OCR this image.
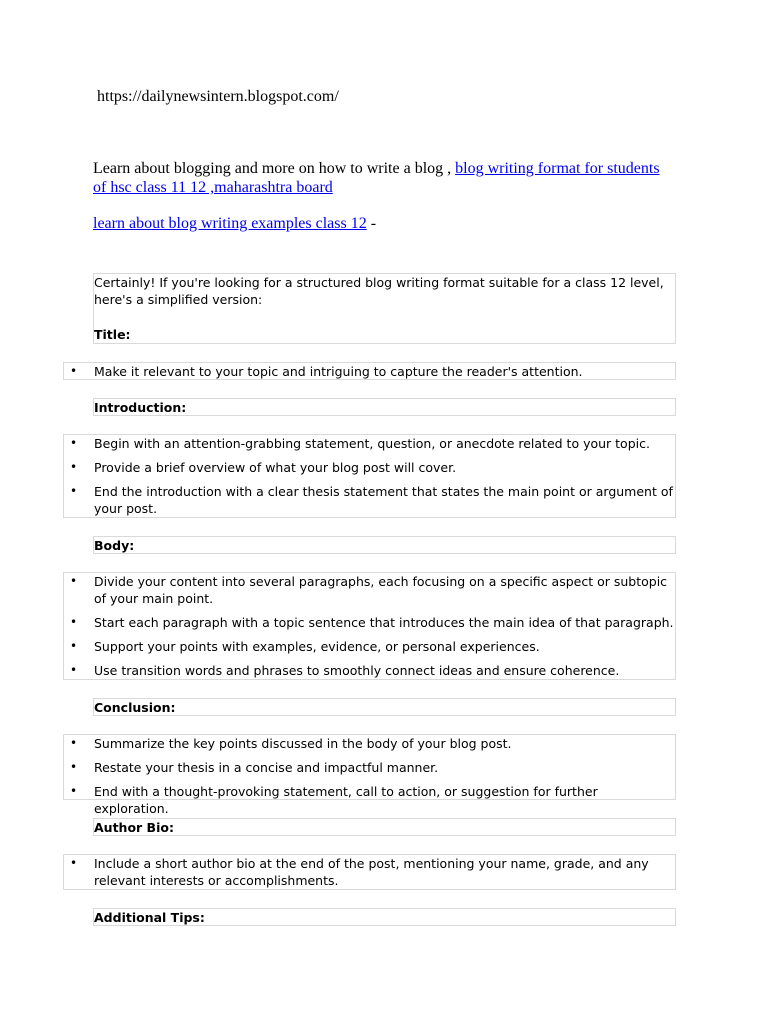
https://dailynewsintern.blogspot.com/
Learn about blogging and more on how to write a blog , blog writing format for students of hsc class 11 12 ,maharashtra board
learn about blog writing examples class 12 -

Certainly! If you're looking for a structured blog writing format suitable for a class 12 level, here's a simplified version:

Title:

• Make it relevant to your topic and intriguing to capture the reader's attention.

Introduction:

• Begin with an attention-grabbing statement, question, or anecdote related to your topic.
• Provide a brief overview of what your blog post will cover.
• End the introduction with a clear thesis statement that states the main point or argument of your post.

Body:

• Divide your content into several paragraphs, each focusing on a specific aspect or subtopic of your main point.
• Start each paragraph with a topic sentence that introduces the main idea of that paragraph.
• Support your points with examples, evidence, or personal experiences.
• Use transition words and phrases to smoothly connect ideas and ensure coherence.

Conclusion:

• Summarize the key points discussed in the body of your blog post.
• Restate your thesis in a concise and impactful manner.
• End with a thought-provoking statement, call to action, or suggestion for further exploration.

Author Bio:

• Include a short author bio at the end of the post, mentioning your name, grade, and any relevant interests or accomplishments.

Additional Tips:
